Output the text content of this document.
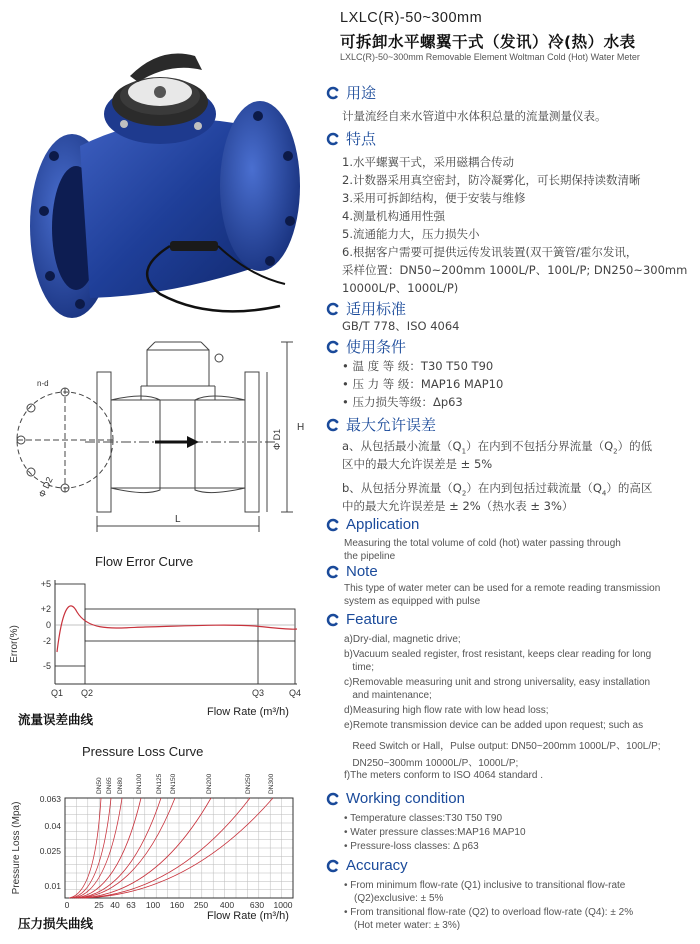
LXLC(R)-50~300mm
可拆卸水平螺翼干式（发讯）冷(热）水表
LXLC(R)-50~300mm Removable Element Woltman Cold (Hot) Water Meter
L
H
Φ D1
Φ D2
n-d
Flow Error Curve
Error(%)
+5
+2
0
-2
-5
Q1 Q2	Q3	Q4
流量误差曲线	Flow Rate (m³/h)
Pressure Loss Curve
Pressure Loss (Mpa)
0.063
0.04
0.025
0.01
0	25 40 63 100 160 250 400 630 1000
DN50 DN65 DN80 DN100 DN125 DN150	DN200	DN250 DN300
压力损失曲线	Flow Rate (m³/h)
用途
计量流经自来水管道中水体积总量的流量测量仪表。
特点
1.水平螺翼干式，采用磁耦合传动
2.计数器采用真空密封，防冷凝雾化，可长期保持读数清晰
3.采用可拆卸结构，便于安装与维修
4.测量机构通用性强
5.流通能力大，压力损失小
6.根据客户需要可提供远传发讯装置(双干簧管/霍尔发讯，
采样位置：DN50~200mm 1000L/P、100L/P; DN250~300mm
10000L/P、1000L/P)
适用标准
GB/T 778、ISO 4064
使用条件
• 温 度 等 级：T30 T50 T90
• 压 力 等 级：MAP16 MAP10
• 压力损失等级：Δp63
最大允许误差
a、从包括最小流量$(Q_1)$在内到不包括分界流量$(Q_2)$的低
区中的最大允许误差是 ± 5%
b、从包括分界流量$(Q_2)$在内到包括过载流量$(Q_4)$的高区
中的最大允许误差是 ± 2%（热水表 ± 3%）
Application
Measuring the total volume of cold (hot) water passing through
the pipeline
Note
This type of water meter can be used for a remote reading transmission
system as equipped with pulse
Feature
a)Dry-dial, magnetic drive;
b)Vacuum sealed register, frost resistant, keeps clear reading for long
time;
c)Removable measuring unit and strong universality, easy installation
and maintenance;
d)Measuring high flow rate with low head loss;
e)Remote transmission device can be added upon request; such as
Reed Switch or Hall，Pulse output: DN50~200mm 1000L/P、100L/P;
DN250~300mm 10000L/P、1000L/P;
f)The meters conform to ISO 4064 standard .
Working condition
• Temperature classes:T30 T50 T90
• Water pressure classes:MAP16 MAP10
• Pressure-loss classes: Δ p63
Accuracy
• From minimum flow-rate (Q1) inclusive to transitional flow-rate
(Q2)exclusive: ± 5%
• From transitional flow-rate (Q2) to overload flow-rate (Q4): ± 2%
(Hot meter water: ± 3%)
